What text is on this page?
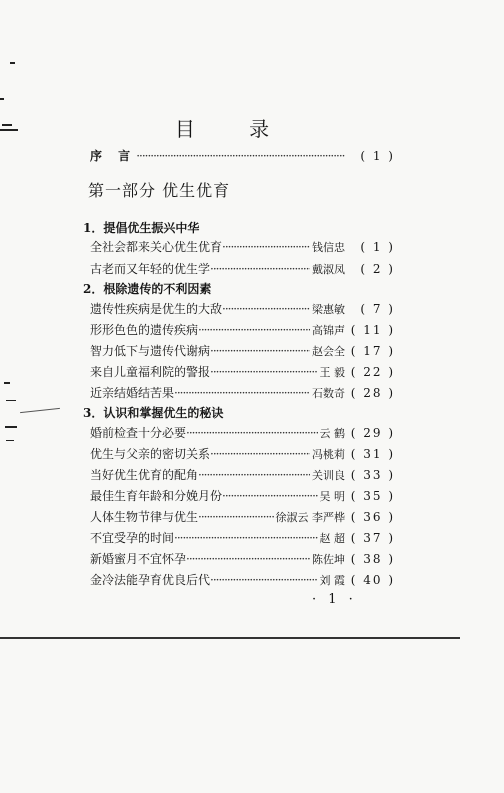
目 录
序 言 ·····	( 1 )
第一部分 优生优育
1．提倡优生振兴中华
全社会都来关心优生优育 ·····	钱信忠	( 1 )
古老而又年轻的优生学 ·····	戴淑凤	( 2 )
2．根除遗传的不利因素
遗传性疾病是优生的大敌 ·····	梁惠敏	( 7 )
形形色色的遗传疾病 ·····	高锦声 ( 11 )
智力低下与遗传代谢病 ·····	赵会全 ( 17 )
来自儿童福利院的警报 ·····	王 毅 ( 22 )
近亲结婚结苦果 ·····	石数奇 ( 28 )
3．认识和掌握优生的秘诀
婚前检查十分必要 ·····	云 鹤 ( 29 )
优生与父亲的密切关系 ·····	冯桃莉 ( 31 )
当好优生优育的配角 ·····	关训良 ( 33 )
最佳生育年龄和分娩月份 ·····	吴 明 ( 35 )
人体生物节律与优生 ·····	徐淑云 李严桦 ( 36 )
不宜受孕的时间 ·····	赵 超 ( 37 )
新婚蜜月不宜怀孕 ·····	陈佐坤 ( 38 )
金冷法能孕育优良后代 ·····	刘 霞 ( 40 )
· 1 ·
